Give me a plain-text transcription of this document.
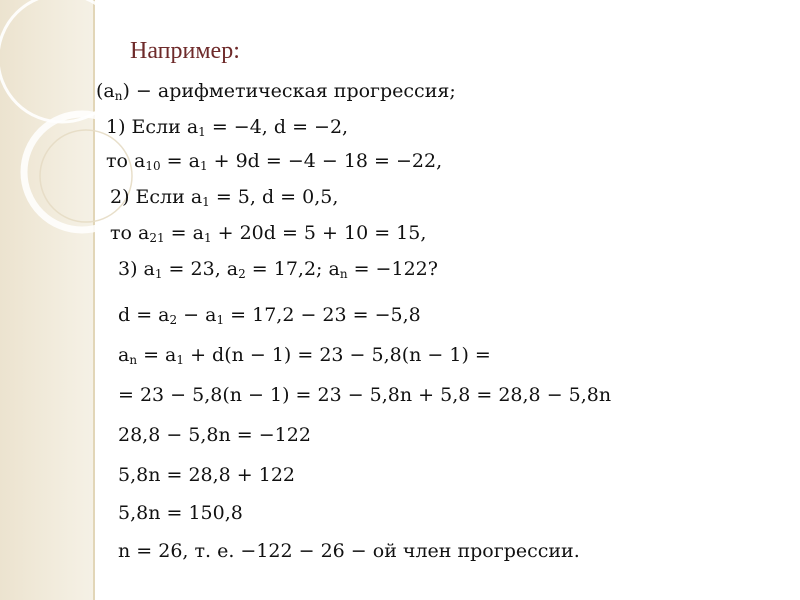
Например:
$(a_n)$ − арифметическая прогрессия;
1) Если $a_1 = -4$, d = −2,
то $a_{10} = a_1 + 9d = -4 - 18 = -22$,
2) Если $a_1 = 5$, d = 0,5,
то $a_{21} = a_1 + 20d = 5 + 10 = 15$,
3) $a_1 = 23$, $a_2 = 17,2$; $a_n = -122$?
$d = a_2 - a_1 = 17,2 - 23 = -5,8$
$a_n = a_1 + d(n - 1) = 23 - 5,8(n - 1)$ =
= 23 − 5,8(n − 1) = 23 − 5,8n + 5,8 = 28,8 − 5,8n
28,8 − 5,8n = −122
5,8n = 28,8 + 122
5,8n = 150,8
n = 26, т. е. −122 − 26 − ой член прогрессии.
